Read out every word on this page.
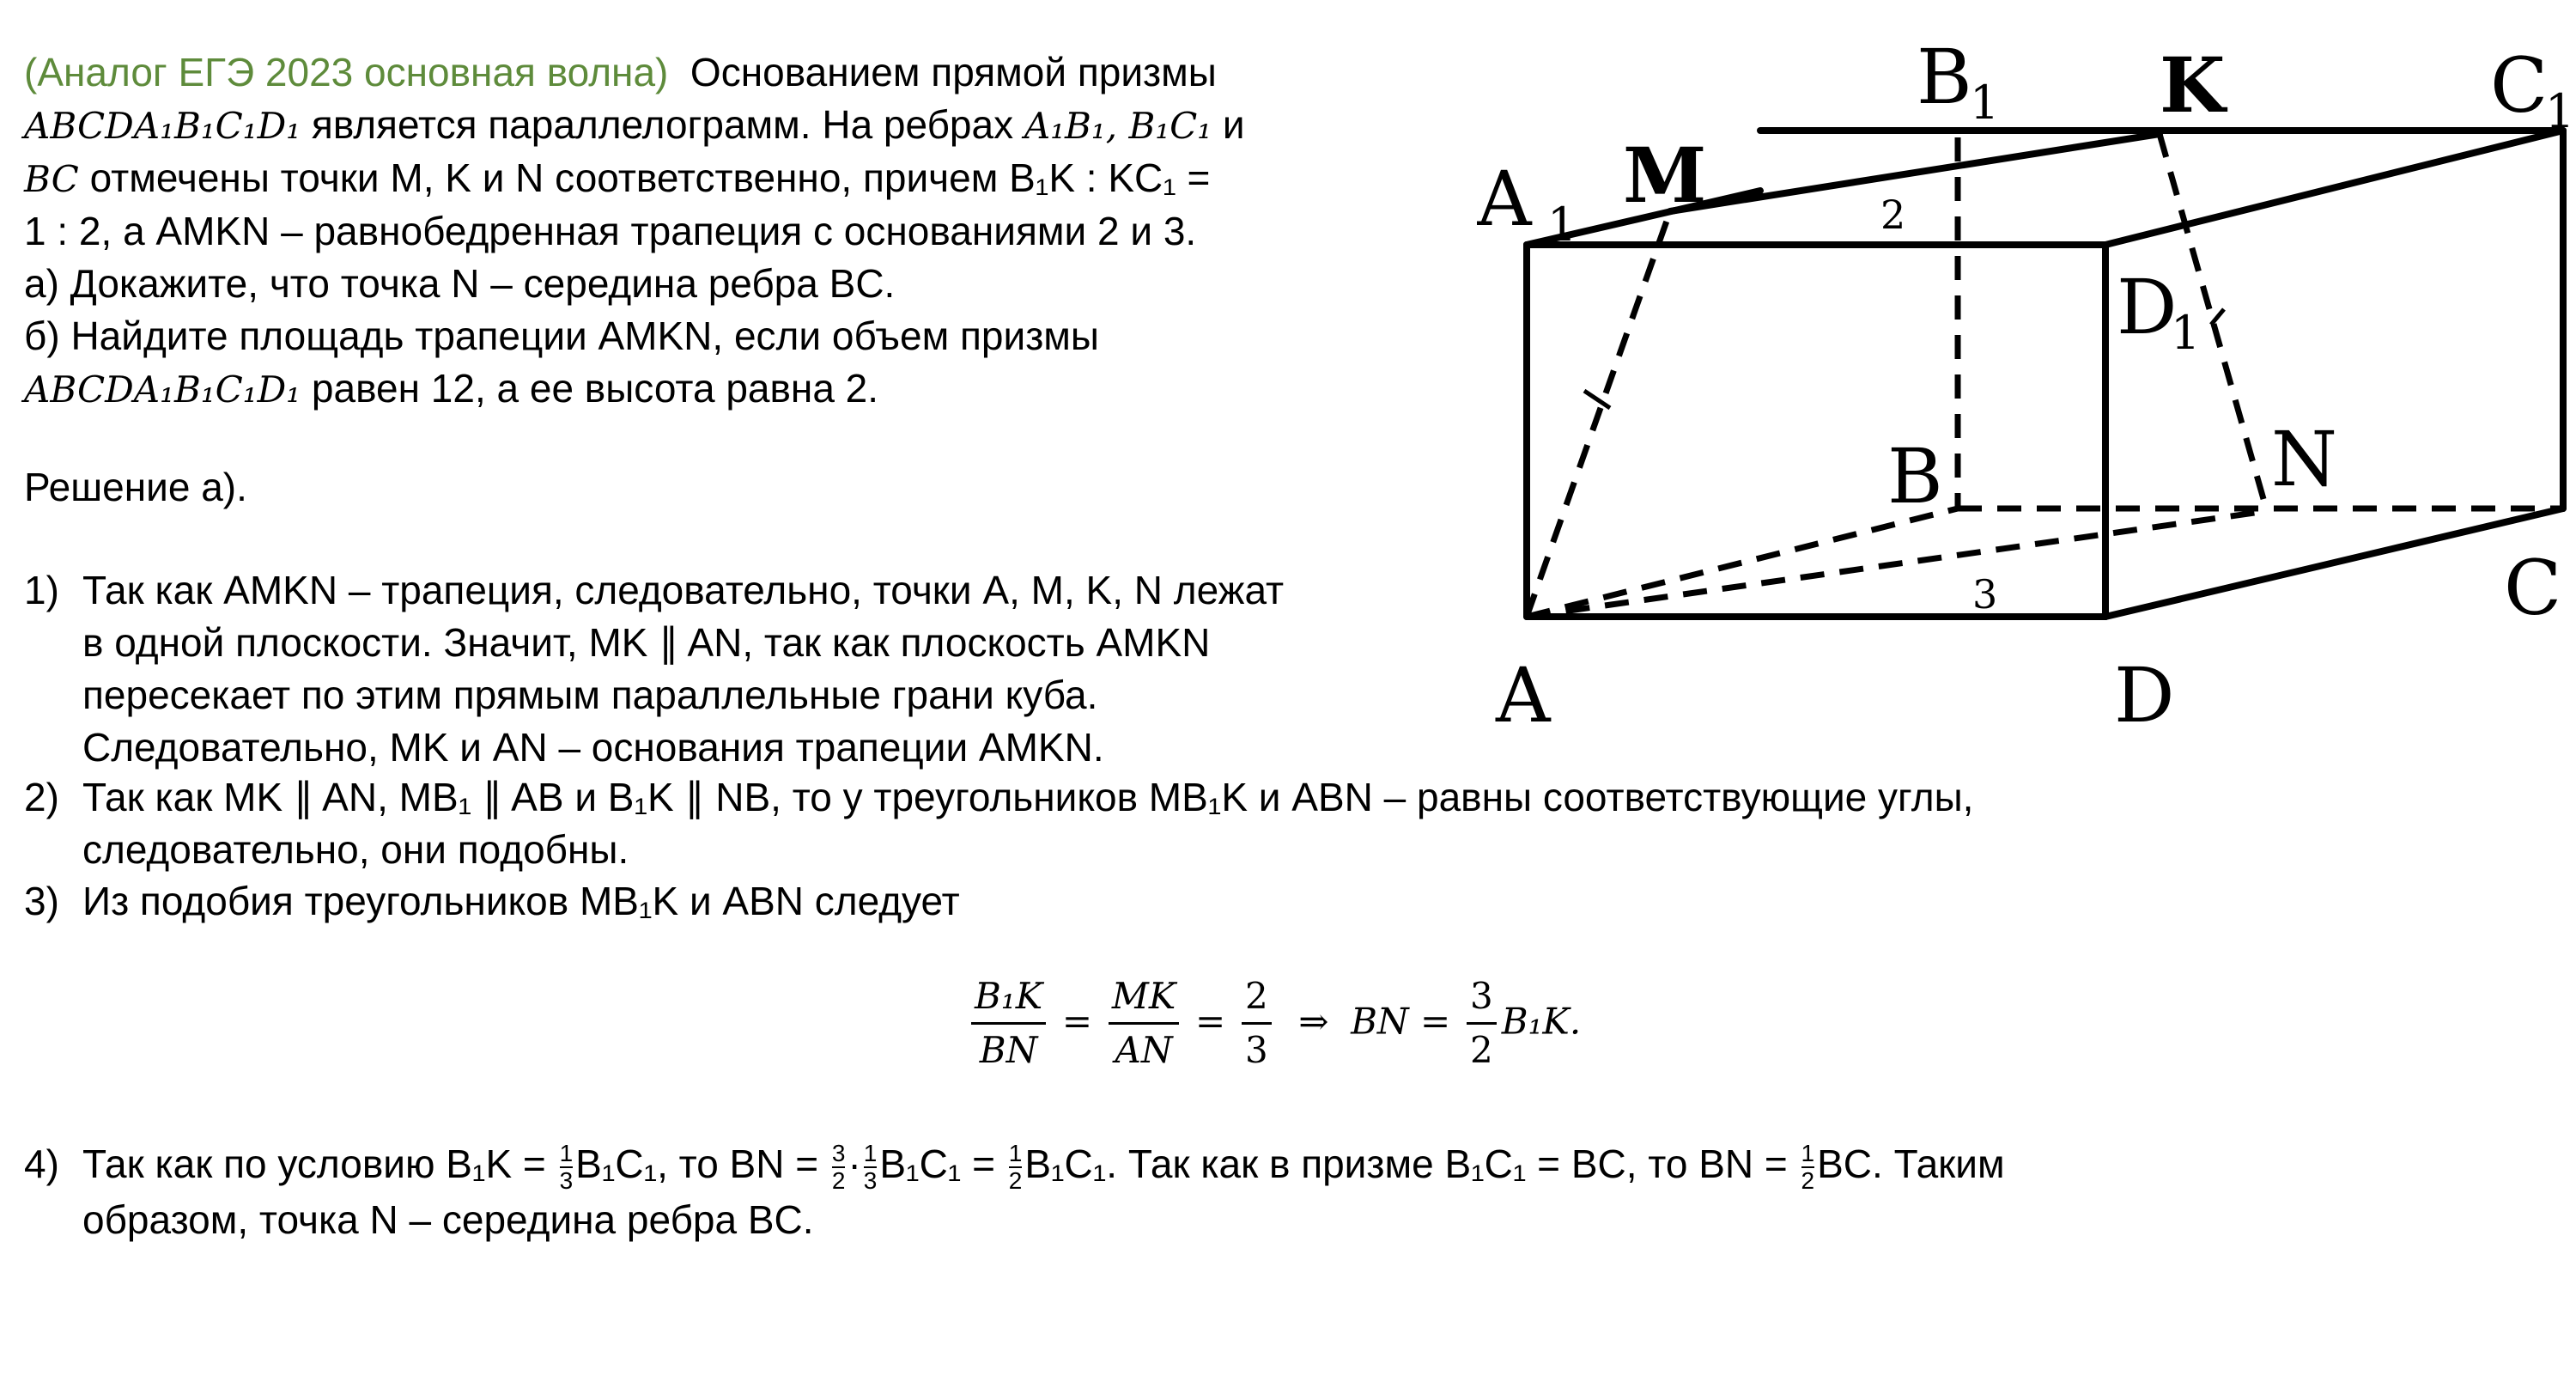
(Аналог ЕГЭ 2023 основная волна) Основанием прямой призмы
ABCDA₁B₁C₁D₁ является параллелограмм. На ребрах A₁B₁, B₁C₁ и
BC отмечены точки M, K и N соответственно, причем B₁K : KC₁ =
1 : 2, а AMKN – равнобедренная трапеция с основаниями 2 и 3.
а) Докажите, что точка N – середина ребра BC.
б) Найдите площадь трапеции AMKN, если объем призмы
ABCDA₁B₁C₁D₁ равен 12, а ее высота равна 2.
Решение а).
1) Так как AMKN – трапеция, следовательно, точки A, M, K, N лежат
в одной плоскости. Значит, MK ∥ AN, так как плоскость AMKN
пересекает по этим прямым параллельные грани куба.
Следовательно, MK и AN – основания трапеции AMKN.
2) Так как MK ∥ AN, MB₁ ∥ AB и B₁K ∥ NB, то у треугольников MB₁K и ABN – равны соответствующие углы,
следовательно, они подобны.
3) Из подобия треугольников MB₁K и ABN следует
$\frac{\text{B₁K}}{BN} = \frac{MK}{AN} = \frac{2}{3}$ ⇒ BN = $\frac{3}{2} B_1K$.
4) Так как по условию $B_1K = \frac{1}{3} B_1C_1$, то BN = $\frac{3}{2} \cdot \frac{1}{3} B_1C_1 = \frac{1}{2} B_1C_1$. Так как в призме B₁C₁ = BC, то BN = $\frac{1}{2}$ BC. Таким
образом, точка N – середина ребра BC.
A 1
M
B
1 K	C
1
D
1
B	N
C
A	D
2
3
